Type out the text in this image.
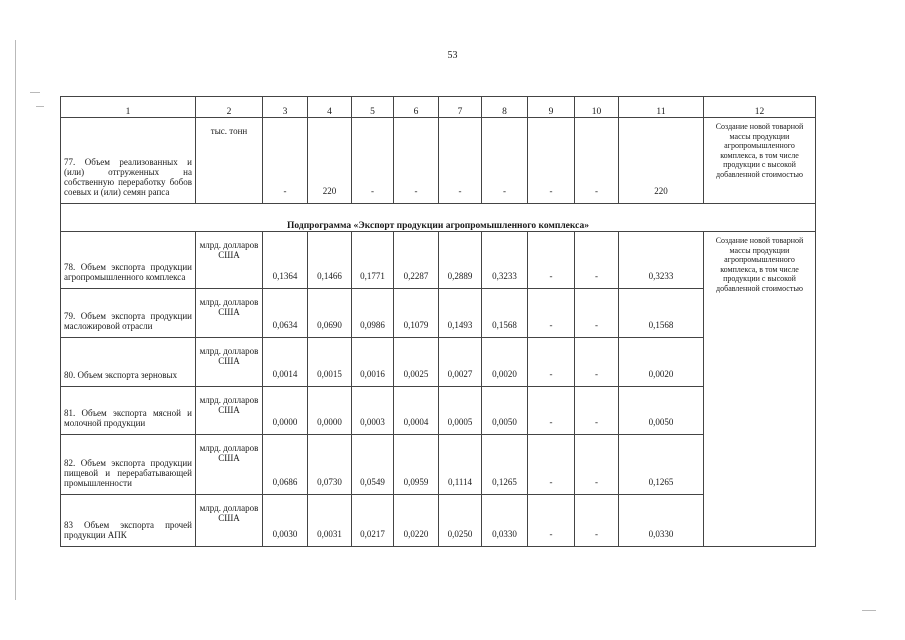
53
1	2	3	4	5	6	7	8	9	10	11	12
77. Объем реализованных и (или) отгруженных на собственную переработку бобов соевых и (или) семян рапса	тыс. тонн	-	220	-	-	-	-	-	-	220	Создание новой товарной массы продукции агропромышленного комплекса, в том числе продукции с высокой добавленной стоимостью
Подпрограмма «Экспорт продукции агропромышленного комплекса»											
78. Объем экспорта продукции агропромышленного комплекса	млрд. долларов США	0,1364	0,1466	0,1771	0,2287	0,2889	0,3233	-	-	0,3233	Создание новой товарной массы продукции агропромышленного комплекса, в том числе продукции с высокой добавленной стоимостью
79. Объем экспорта продукции масложировой отрасли	млрд. долларов США	0,0634	0,0690	0,0986	0,1079	0,1493	0,1568	-	-	0,1568	
80. Объем экспорта зерновых	млрд. долларов США	0,0014	0,0015	0,0016	0,0025	0,0027	0,0020	-	-	0,0020	
81. Объем экспорта мясной и молочной продукции	млрд. долларов США	0,0000	0,0000	0,0003	0,0004	0,0005	0,0050	-	-	0,0050	
82. Объем экспорта продукции пищевой и перерабатывающей промышленности	млрд. долларов США	0,0686	0,0730	0,0549	0,0959	0,1114	0,1265	-	-	0,1265	
83 Объем экспорта прочей продукции АПК	млрд. долларов США	0,0030	0,0031	0,0217	0,0220	0,0250	0,0330	-	-	0,0330	
